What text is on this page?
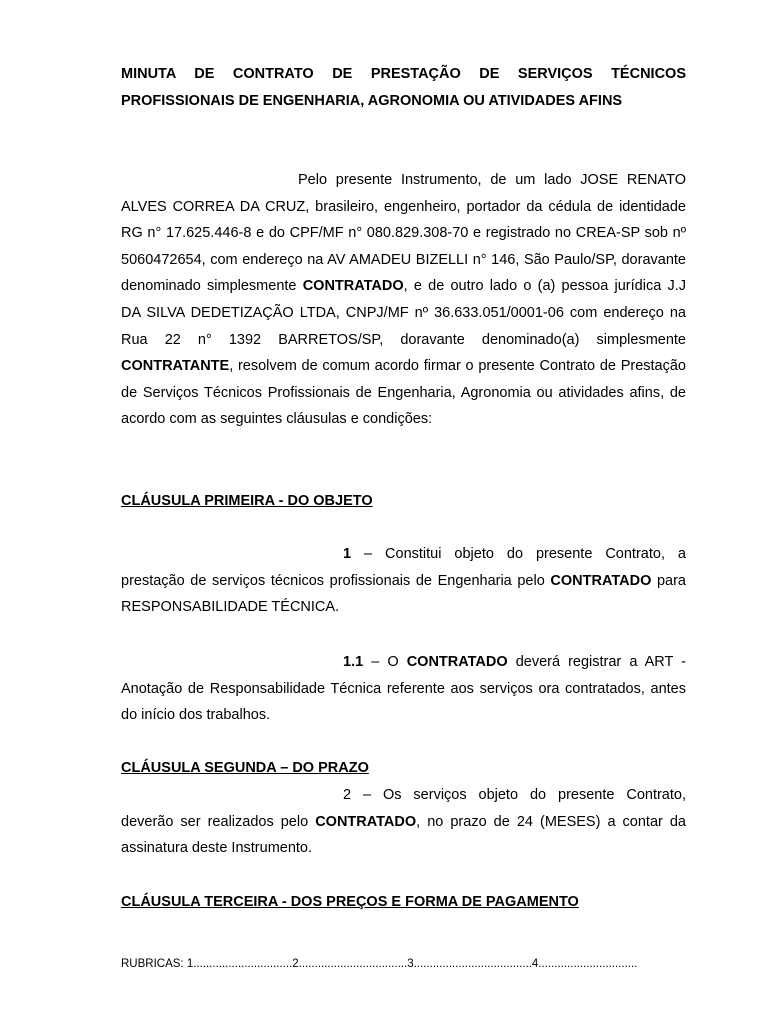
MINUTA DE CONTRATO DE PRESTAÇÃO DE SERVIÇOS TÉCNICOS
PROFISSIONAIS DE ENGENHARIA, AGRONOMIA OU ATIVIDADES AFINS

Pelo presente Instrumento, de um lado JOSE RENATO ALVES CORREA DA CRUZ, brasileiro, engenheiro, portador da cédula de identidade RG n° 17.625.446-8 e do CPF/MF n° 080.829.308-70 e registrado no CREA-SP sob nº 5060472654, com endereço na AV AMADEU BIZELLI n° 146, São Paulo/SP, doravante denominado simplesmente CONTRATADO, e de outro lado o (a) pessoa jurídica J.J DA SILVA DEDETIZAÇÃO LTDA, CNPJ/MF nº 36.633.051/0001-06 com endereço na Rua 22 n° 1392 BARRETOS/SP, doravante denominado(a) simplesmente CONTRATANTE, resolvem de comum acordo firmar o presente Contrato de Prestação de Serviços Técnicos Profissionais de Engenharia, Agronomia ou atividades afins, de acordo com as seguintes cláusulas e condições:

CLÁUSULA PRIMEIRA - DO OBJETO

1 – Constitui objeto do presente Contrato, a prestação de serviços técnicos profissionais de Engenharia pelo CONTRATADO para RESPONSABILIDADE TÉCNICA.

1.1 – O CONTRATADO deverá registrar a ART - Anotação de Responsabilidade Técnica referente aos serviços ora contratados, antes do início dos trabalhos.

CLÁUSULA SEGUNDA – DO PRAZO

2 – Os serviços objeto do presente Contrato, deverão ser realizados pelo CONTRATADO, no prazo de 24 (MESES) a contar da assinatura deste Instrumento.

CLÁUSULA TERCEIRA - DOS PREÇOS E FORMA DE PAGAMENTO

RUBRICAS: 1...............................2..................................3.....................................4...............................
